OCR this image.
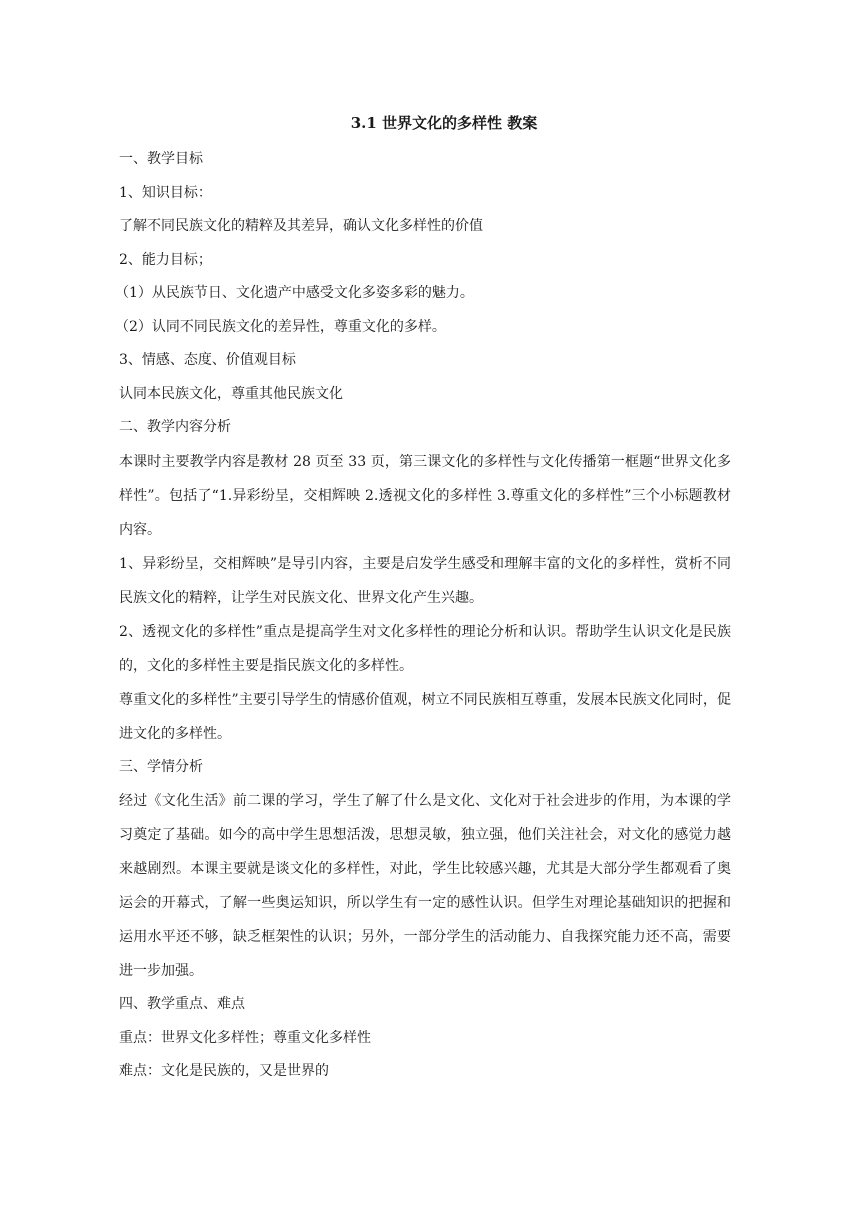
3.1 世界文化的多样性 教案

一、教学目标

1、知识目标：

了解不同民族文化的精粹及其差异，确认文化多样性的价值

2、能力目标；

（1）从民族节日、文化遗产中感受文化多姿多彩的魅力。

（2）认同不同民族文化的差异性，尊重文化的多样。

3、情感、态度、价值观目标

认同本民族文化，尊重其他民族文化

二、教学内容分析

本课时主要教学内容是教材 28 页至 33 页，第三课文化的多样性与文化传播第一框题“世界文化多样性”。包括了“1.异彩纷呈，交相辉映 2.透视文化的多样性 3.尊重文化的多样性”三个小标题教材内容。

1、异彩纷呈，交相辉映”是导引内容，主要是启发学生感受和理解丰富的文化的多样性，赏析不同民族文化的精粹，让学生对民族文化、世界文化产生兴趣。

2、透视文化的多样性”重点是提高学生对文化多样性的理论分析和认识。帮助学生认识文化是民族的，文化的多样性主要是指民族文化的多样性。

尊重文化的多样性”主要引导学生的情感价值观，树立不同民族相互尊重，发展本民族文化同时，促进文化的多样性。

三、学情分析

经过《文化生活》前二课的学习，学生了解了什么是文化、文化对于社会进步的作用，为本课的学习奠定了基础。如今的高中学生思想活泼，思想灵敏，独立强，他们关注社会，对文化的感觉力越来越剧烈。本课主要就是谈文化的多样性，对此，学生比较感兴趣，尤其是大部分学生都观看了奥运会的开幕式，了解一些奥运知识，所以学生有一定的感性认识。但学生对理论基础知识的把握和运用水平还不够，缺乏框架性的认识；另外，一部分学生的活动能力、自我探究能力还不高，需要进一步加强。

四、教学重点、难点

重点：世界文化多样性；尊重文化多样性

难点：文化是民族的，又是世界的
